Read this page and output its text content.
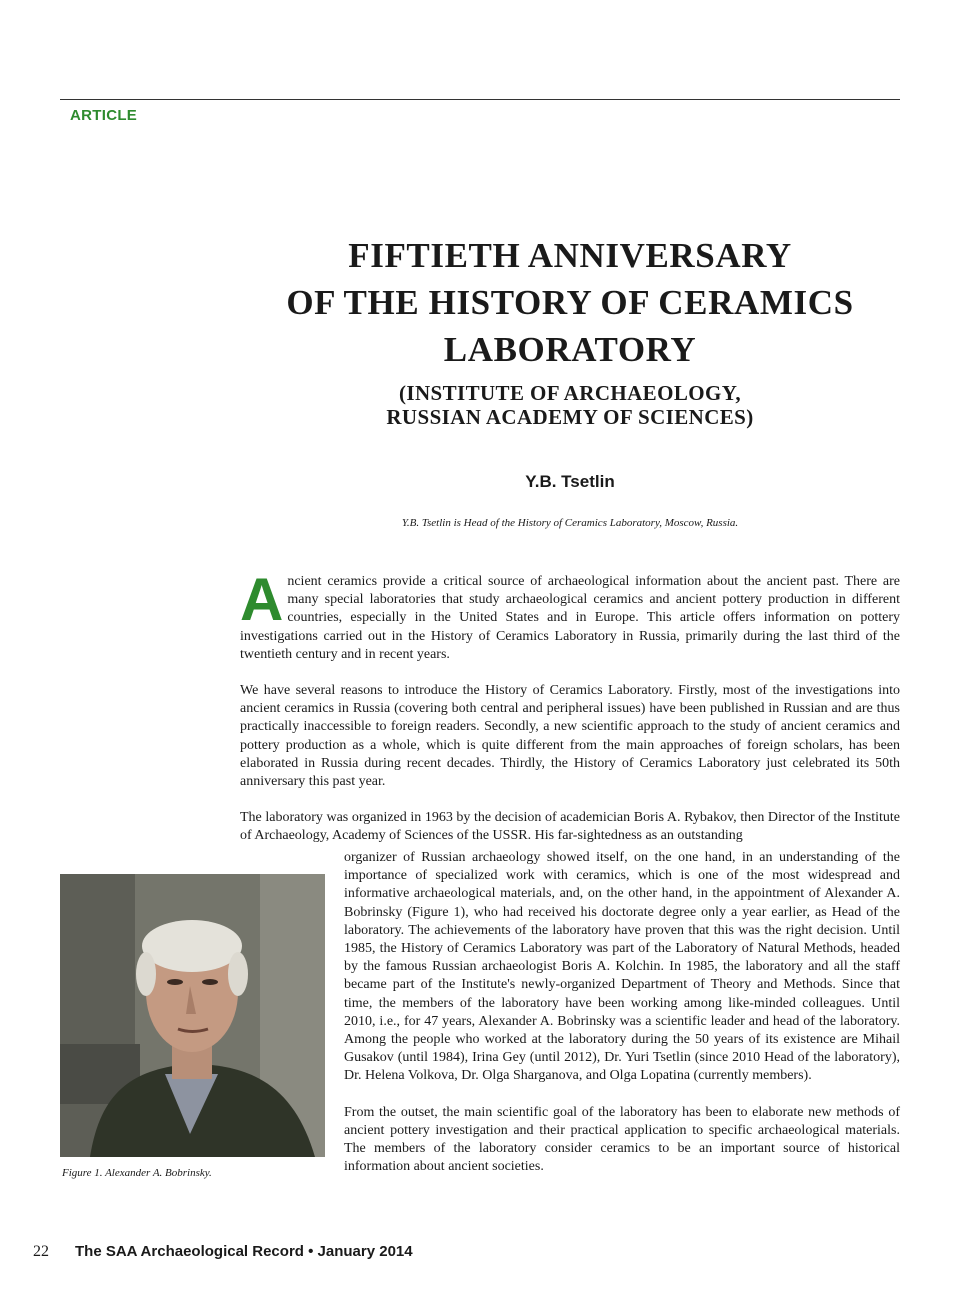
ARTICLE
FIFTIETH ANNIVERSARY
OF THE HISTORY OF CERAMICS
LABORATORY
(INSTITUTE OF ARCHAEOLOGY,
RUSSIAN ACADEMY OF SCIENCES)
Y.B. Tsetlin
Y.B. Tsetlin is Head of the History of Ceramics Laboratory, Moscow, Russia.

Ancient ceramics provide a critical source of archaeological information about the ancient past. There are many special laboratories that study archaeological ceramics and ancient pottery production in different countries, especially in the United States and in Europe. This article offers information on pottery investigations carried out in the History of Ceramics Laboratory in Russia, primarily during the last third of the twentieth century and in recent years.

We have several reasons to introduce the History of Ceramics Laboratory. Firstly, most of the investigations into ancient ceramics in Russia (covering both central and peripheral issues) have been published in Russian and are thus practically inaccessible to foreign readers. Secondly, a new scientific approach to the study of ancient ceramics and pottery production as a whole, which is quite different from the main approaches of foreign scholars, has been elaborated in Russia during recent decades. Thirdly, the History of Ceramics Laboratory just celebrated its 50th anniversary this past year.

The laboratory was organized in 1963 by the decision of academician Boris A. Rybakov, then Director of the Institute of Archaeology, Academy of Sciences of the USSR. His far-sightedness as an outstanding

Figure 1. Alexander A. Bobrinsky.

organizer of Russian archaeology showed itself, on the one hand, in an understanding of the importance of specialized work with ceramics, which is one of the most widespread and informative archaeological materials, and, on the other hand, in the appointment of Alexander A. Bobrinsky (Figure 1), who had received his doctorate degree only a year earlier, as Head of the laboratory. The achievements of the laboratory have proven that this was the right decision. Until 1985, the History of Ceramics Laboratory was part of the Laboratory of Natural Methods, headed by the famous Russian archaeologist Boris A. Kolchin. In 1985, the laboratory and all the staff became part of the Institute's newly-organized Department of Theory and Methods. Since that time, the members of the laboratory have been working among like-minded colleagues. Until 2010, i.e., for 47 years, Alexander A. Bobrinsky was a scientific leader and head of the laboratory. Among the people who worked at the laboratory during the 50 years of its existence are Mihail Gusakov (until 1984), Irina Gey (until 2012), Dr. Yuri Tsetlin (since 2010 Head of the laboratory), Dr. Helena Volkova, Dr. Olga Sharganova, and Olga Lopatina (currently members).

From the outset, the main scientific goal of the laboratory has been to elaborate new methods of ancient pottery investigation and their practical application to specific archaeological materials. The members of the laboratory consider ceramics to be an important source of historical information about ancient societies.

22 The SAA Archaeological Record • January 2014
